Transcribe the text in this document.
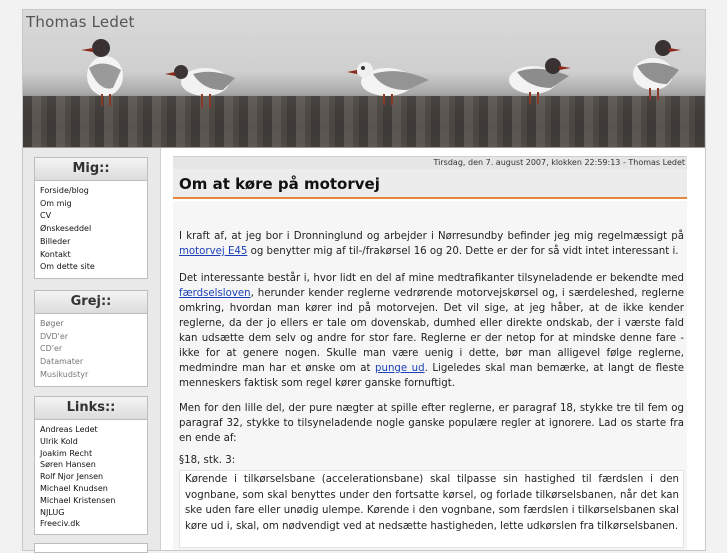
Thomas Ledet
Mig::
Forside/blog
Om mig
CV
Ønskeseddel
Billeder
Kontakt
Om dette site
Grej::
Bøger
DVD'er
CD'er
Datamater
Musikudstyr
Links::
Andreas Ledet
Ulrik Kold
Joakim Recht
Søren Hansen
Rolf Njor Jensen
Michael Knudsen
Michael Kristensen
NJLUG
Freeciv.dk
Tirsdag, den 7. august 2007, klokken 22:59:13 - Thomas Ledet
Om at køre på motorvej
I kraft af, at jeg bor i Dronninglund og arbejder i Nørresundby befinder jeg mig regelmæssigt på motorvej E45 og benytter mig af til-/frakørsel 16 og 20. Dette er der for så vidt intet interessant i.
Det interessante består i, hvor lidt en del af mine medtrafikanter tilsyneladende er bekendte med færdselsloven, herunder kender reglerne vedrørende motorvejskørsel og, i særdeleshed, reglerne omkring, hvordan man kører ind på motorvejen. Det vil sige, at jeg håber, at de ikke kender reglerne, da der jo ellers er tale om dovenskab, dumhed eller direkte ondskab, der i værste fald kan udsætte dem selv og andre for stor fare. Reglerne er der netop for at mindske denne fare - ikke for at genere nogen. Skulle man være uenig i dette, bør man alligevel følge reglerne, medmindre man har et ønske om at punge ud. Ligeledes skal man bemærke, at langt de fleste menneskers faktisk som regel kører ganske fornuftigt.
Men for den lille del, der pure nægter at spille efter reglerne, er paragraf 18, stykke tre til fem og paragraf 32, stykke to tilsyneladende nogle ganske populære regler at ignorere. Lad os starte fra en ende af:
§18, stk. 3:
Kørende i tilkørselsbane (accelerationsbane) skal tilpasse sin hastighed til færdslen i den vognbane, som skal benyttes under den fortsatte kørsel, og forlade tilkørselsbanen, når det kan ske uden fare eller unødig ulempe. Kørende i den vognbane, som færdslen i tilkørselsbanen skal køre ud i, skal, om nødvendigt ved at nedsætte hastigheden, lette udkørslen fra tilkørselsbanen.
